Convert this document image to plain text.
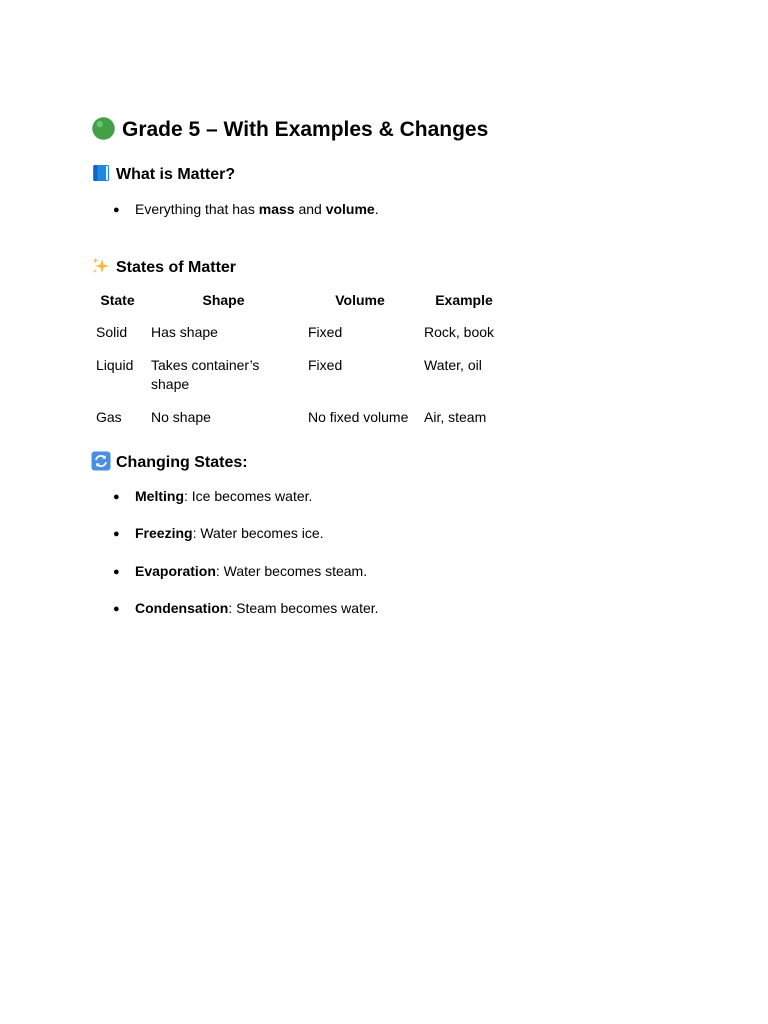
Grade 5 – With Examples & Changes
What is Matter?
● Everything that has mass and volume.
States of Matter
State	Shape	Volume	Example
Solid	Has shape	Fixed	Rock, book
Liquid	Takes container’s shape	Fixed	Water, oil
Gas	No shape	No fixed volume	Air, steam
Changing States:
● Melting: Ice becomes water.
● Freezing: Water becomes ice.
● Evaporation: Water becomes steam.
● Condensation: Steam becomes water.
